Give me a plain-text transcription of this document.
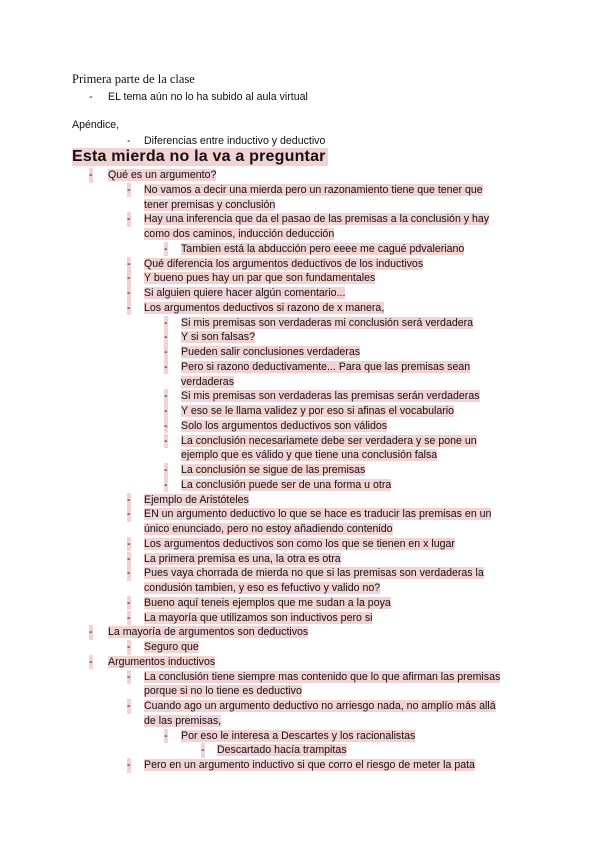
Primera parte de la clase
- EL tema aún no lo ha subido al aula virtual
Apéndice,
- Diferencias entre inductivo y deductivo
Esta mierda no la va a preguntar
- Qué es un argumento?
- No vamos a decir una mierda pero un razonamiento tiene que tener que
tener premisas y conclusión
- Hay una inferencia que da el pasao de las premisas a la conclusión y hay
como dos caminos, inducción deducción
- Tambien está la abducción pero eeee me cagué pdvaleriano
- Qué diferencia los argumentos deductivos de los inductivos
- Y bueno pues hay un par que son fundamentales
- Si alguien quiere hacer algún comentario...
- Los argumentos deductivos si razono de x manera,
- Si mis premisas son verdaderas mi conclusión será verdadera
- Y si son falsas?
- Pueden salir conclusiones verdaderas
- Pero si razono deductivamente... Para que las premisas sean
verdaderas
- Si mis premisas son verdaderas las premisas serán verdaderas
- Y eso se le llama validez y por eso si afinas el vocabulario
- Solo los argumentos deductivos son válidos
- La conclusión necesariamete debe ser verdadera y se pone un
ejemplo que es válido y que tiene una conclusión falsa
- La conclusión se sigue de las premisas
- La conclusión puede ser de una forma u otra
- Ejemplo de Aristóteles
- EN un argumento deductivo lo que se hace es traducir las premisas en un
único enunciado, pero no estoy añadiendo contenido
- Los argumentos deductivos son como los que se tienen en x lugar
- La primera premisa es una, la otra es otra
- Pues vaya chorrada de mierda no que si las premisas son verdaderas la
condusión tambien, y eso es fefuctivo y valido no?
- Bueno aquí teneis ejemplos que me sudan a la poya
- La mayoría que utilizamos son inductivos pero si
- La mayoría de argumentos son deductivos
- Seguro que
- Argumentos inductivos
- La conclusión tiene siempre mas contenido que lo que afirman las premisas
porque si no lo tiene es deductivo
- Cuando ago un argumento deductivo no arriesgo nada, no amplío más allá
de las premisas,
- Por eso le interesa a Descartes y los racionalistas
- Descartado hacía trampitas
- Pero en un argumento inductivo si que corro el riesgo de meter la pata
